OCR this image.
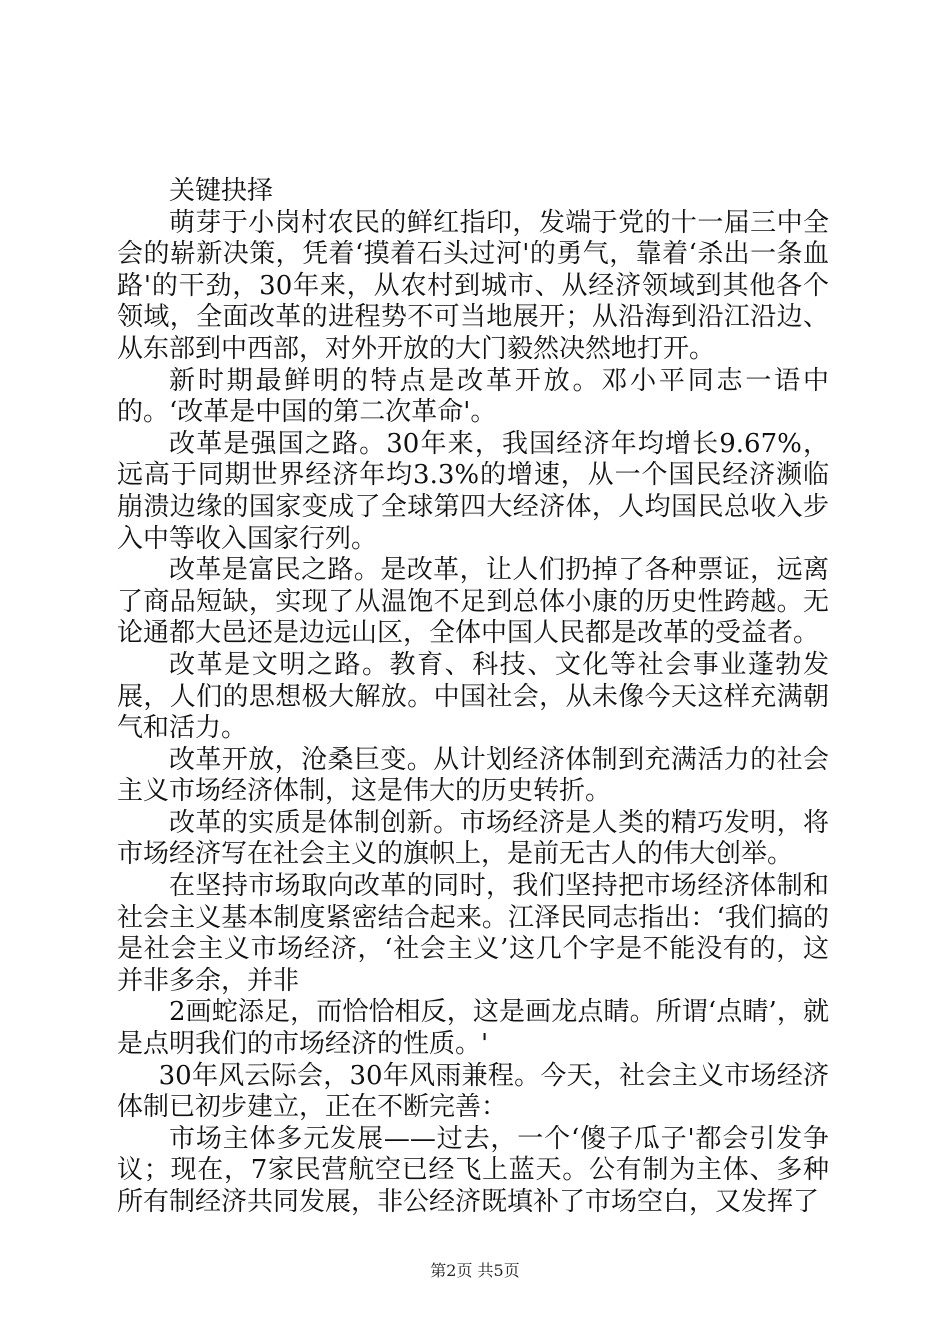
关键抉择

萌芽于小岗村农民的鲜红指印，发端于党的十一届三中全会的崭新决策，凭着‘摸着石头过河'的勇气，靠着‘杀出一条血路'的干劲，30年来，从农村到城市、从经济领域到其他各个领域，全面改革的进程势不可当地展开；从沿海到沿江沿边、从东部到中西部，对外开放的大门毅然决然地打开。

新时期最鲜明的特点是改革开放。邓小平同志一语中的。‘改革是中国的第二次革命'。

改革是强国之路。30年来，我国经济年均增长9.67%，远高于同期世界经济年均3.3%的增速，从一个国民经济濒临崩溃边缘的国家变成了全球第四大经济体，人均国民总收入步入中等收入国家行列。

改革是富民之路。是改革，让人们扔掉了各种票证，远离了商品短缺，实现了从温饱不足到总体小康的历史性跨越。无论通都大邑还是边远山区，全体中国人民都是改革的受益者。

改革是文明之路。教育、科技、文化等社会事业蓬勃发展，人们的思想极大解放。中国社会，从未像今天这样充满朝气和活力。

改革开放，沧桑巨变。从计划经济体制到充满活力的社会主义市场经济体制，这是伟大的历史转折。

改革的实质是体制创新。市场经济是人类的精巧发明，将市场经济写在社会主义的旗帜上，是前无古人的伟大创举。

在坚持市场取向改革的同时，我们坚持把市场经济体制和社会主义基本制度紧密结合起来。江泽民同志指出：‘我们搞的是社会主义市场经济，‘社会主义’这几个字是不能没有的，这并非多余，并非

2画蛇添足，而恰恰相反，这是画龙点睛。所谓‘点睛’，就是点明我们的市场经济的性质。'

30年风云际会，30年风雨兼程。今天，社会主义市场经济体制已初步建立，正在不断完善：

市场主体多元发展——过去，一个‘傻子瓜子'都会引发争议；现在，7家民营航空已经飞上蓝天。公有制为主体、多种所有制经济共同发展，非公经济既填补了市场空白，又发挥了

第2页 共5页
